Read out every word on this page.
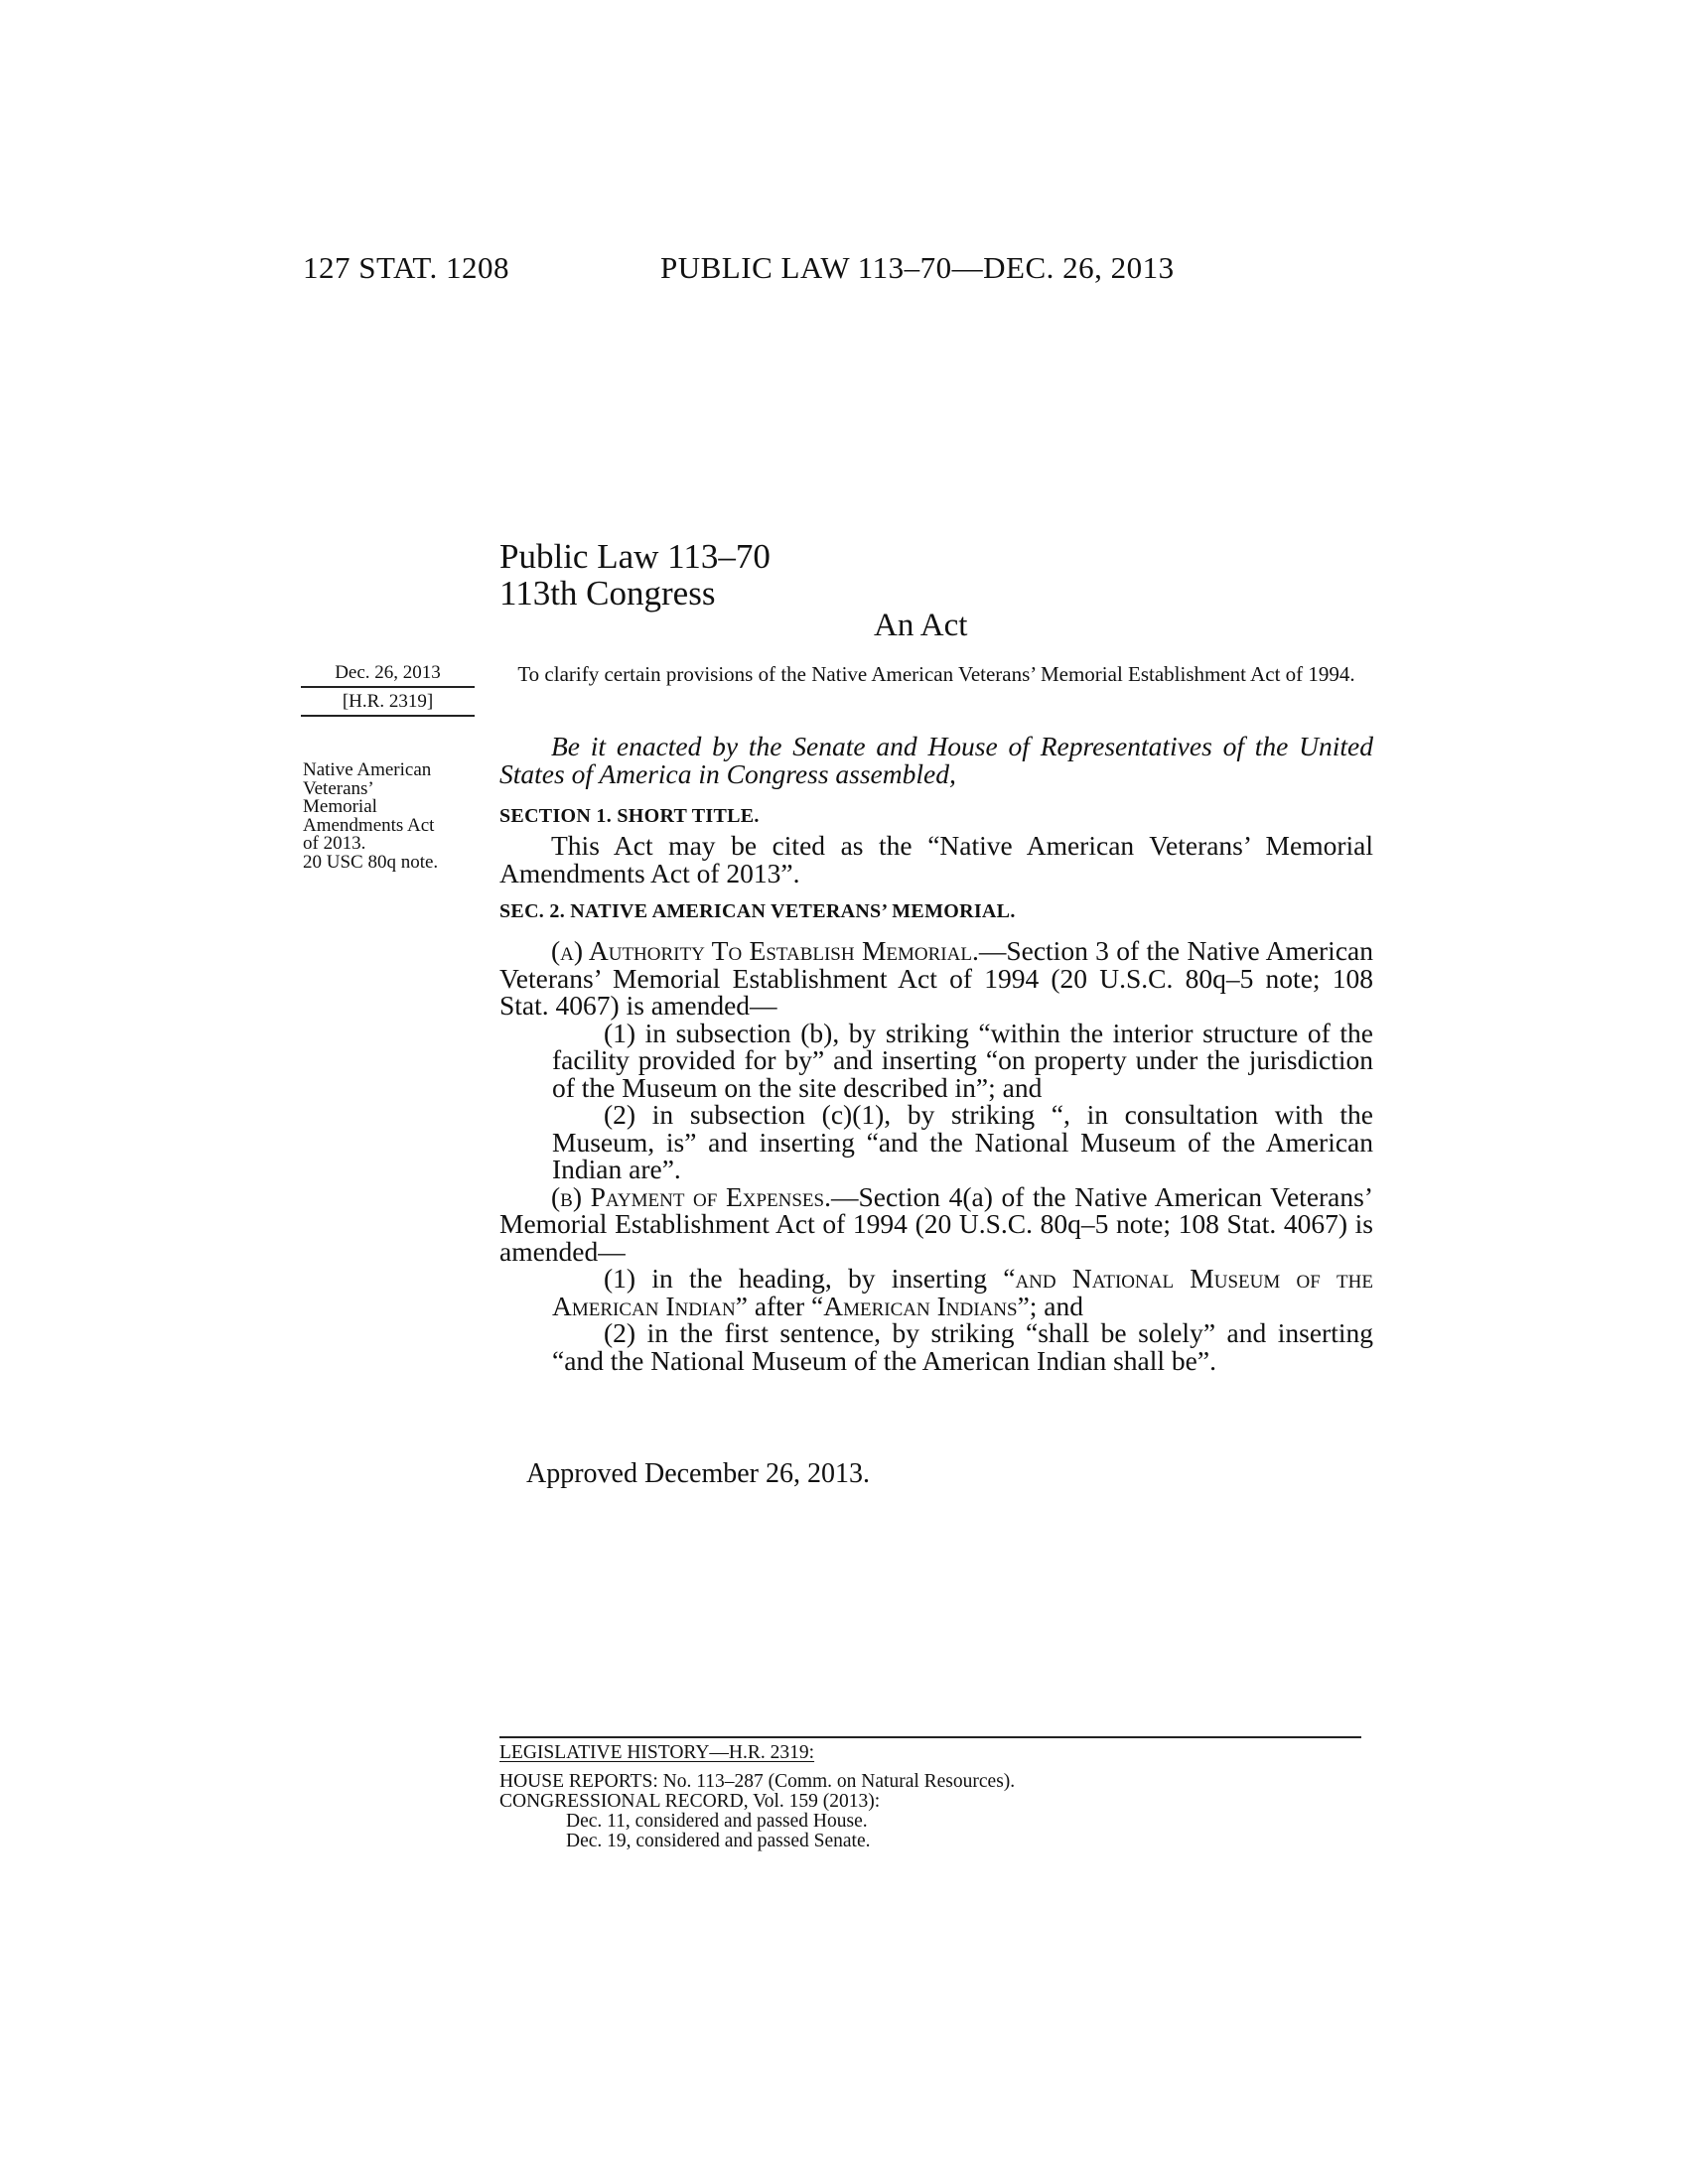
127 STAT. 1208	PUBLIC LAW 113–70—DEC. 26, 2013
Public Law 113–70
113th Congress
An Act
Dec. 26, 2013
[H.R. 2319]
Native American
Veterans’
Memorial
Amendments Act
of 2013.
20 USC 80q note.
To clarify certain provisions of the Native American Veterans’ Memorial Establishment Act of 1994.

Be it enacted by the Senate and House of Representatives of the United States of America in Congress assembled,

SECTION 1. SHORT TITLE.

This Act may be cited as the “Native American Veterans’ Memorial Amendments Act of 2013”.

SEC. 2. NATIVE AMERICAN VETERANS’ MEMORIAL.

(a) Authority To Establish Memorial.—Section 3 of the Native American Veterans’ Memorial Establishment Act of 1994 (20 U.S.C. 80q–5 note; 108 Stat. 4067) is amended—

(1) in subsection (b), by striking “within the interior structure of the facility provided for by” and inserting “on property under the jurisdiction of the Museum on the site described in”; and

(2) in subsection (c)(1), by striking “, in consultation with the Museum, is” and inserting “and the National Museum of the American Indian are”.

(b) Payment of Expenses.—Section 4(a) of the Native American Veterans’ Memorial Establishment Act of 1994 (20 U.S.C. 80q–5 note; 108 Stat. 4067) is amended—

(1) in the heading, by inserting “and National Museum of the American Indian” after “American Indians”; and

(2) in the first sentence, by striking “shall be solely” and inserting “and the National Museum of the American Indian shall be”.

Approved December 26, 2013.
LEGISLATIVE HISTORY—H.R. 2319:
HOUSE REPORTS: No. 113–287 (Comm. on Natural Resources).
CONGRESSIONAL RECORD, Vol. 159 (2013):
Dec. 11, considered and passed House.
Dec. 19, considered and passed Senate.
